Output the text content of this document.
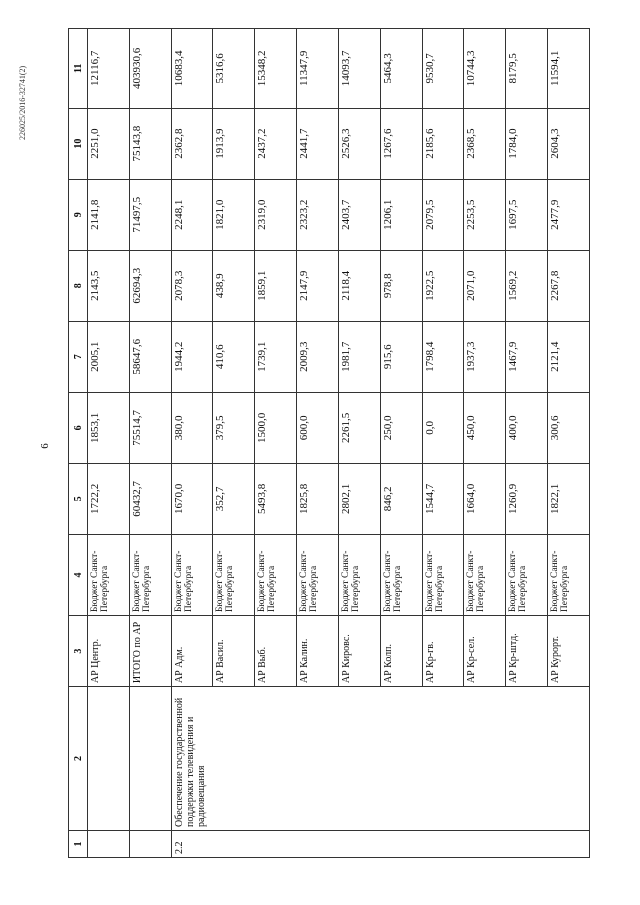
226025/2016-32741(2)
6
1	2	3	4	5	6	7	8	9	10	11
		АР Центр.	Бюджет Санкт-Петербурга	1722,2	1853,1	2005,1	2143,5	2141,8	2251,0	12116,7
		ИТОГО по АР	Бюджет Санкт-Петербурга	60432,7	75514,7	58647,6	62694,3	71497,5	75143,8	403930,6
2.2	Обеспечение государственной поддержки телевидения и радиовещания	АР Адм.	Бюджет Санкт-Петербурга	1670,0	380,0	1944,2	2078,3	2248,1	2362,8	10683,4
		АР Васил.	Бюджет Санкт-Петербурга	352,7	379,5	410,6	438,9	1821,0	1913,9	5316,6
		АР Выб.	Бюджет Санкт-Петербурга	5493,8	1500,0	1739,1	1859,1	2319,0	2437,2	15348,2
		АР Калин.	Бюджет Санкт-Петербурга	1825,8	600,0	2009,3	2147,9	2323,2	2441,7	11347,9
		АР Кировс.	Бюджет Санкт-Петербурга	2802,1	2261,5	1981,7	2118,4	2403,7	2526,3	14093,7
		АР Колп.	Бюджет Санкт-Петербурга	846,2	250,0	915,6	978,8	1206,1	1267,6	5464,3
		АР Кр-гв.	Бюджет Санкт-Петербурга	1544,7	0,0	1798,4	1922,5	2079,5	2185,6	9530,7
		АР Кр-сел.	Бюджет Санкт-Петербурга	1664,0	450,0	1937,3	2071,0	2253,5	2368,5	10744,3
		АР Кр-штд.	Бюджет Санкт-Петербурга	1260,9	400,0	1467,9	1569,2	1697,5	1784,0	8179,5
		АР Курорт.	Бюджет Санкт-Петербурга	1822,1	300,6	2121,4	2267,8	2477,9	2604,3	11594,1
